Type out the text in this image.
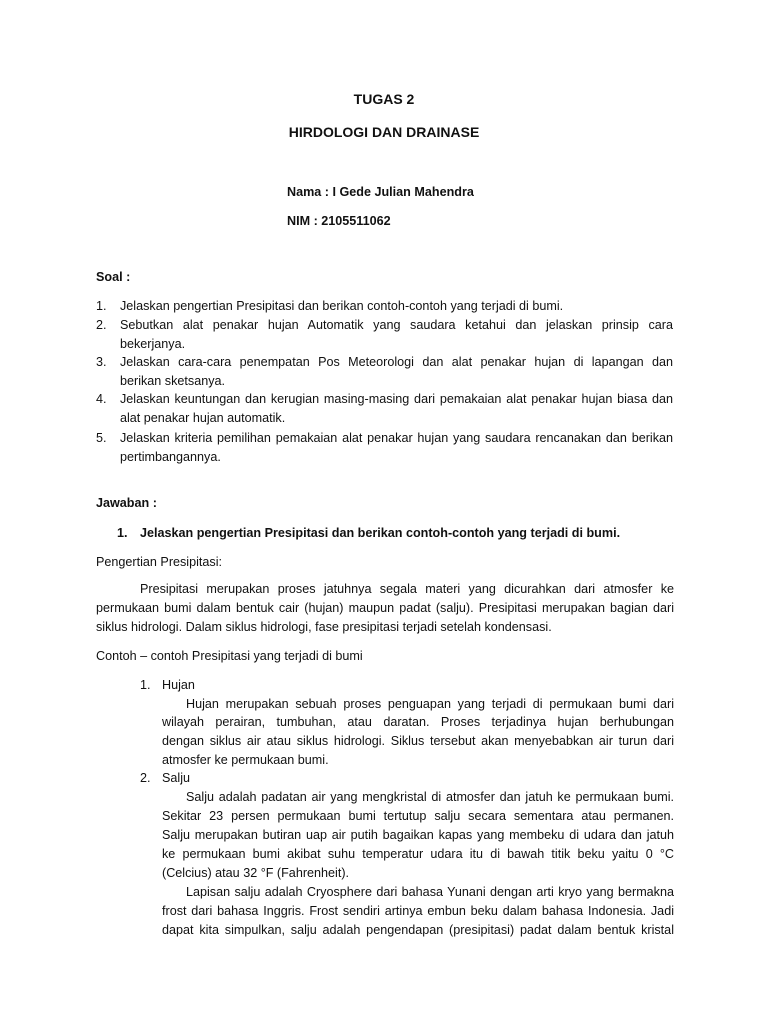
TUGAS 2
HIRDOLOGI DAN DRAINASE
Nama : I Gede Julian Mahendra
NIM : 2105511062
Soal :
1. Jelaskan pengertian Presipitasi dan berikan contoh-contoh yang terjadi di bumi.
2. Sebutkan alat penakar hujan Automatik yang saudara ketahui dan jelaskan prinsip cara
bekerjanya.
3. Jelaskan cara-cara penempatan Pos Meteorologi dan alat penakar hujan di lapangan dan
berikan sketsanya.
4. Jelaskan keuntungan dan kerugian masing-masing dari pemakaian alat penakar hujan biasa dan
alat penakar hujan automatik.
5. Jelaskan kriteria pemilihan pemakaian alat penakar hujan yang saudara rencanakan dan berikan
pertimbangannya.
Jawaban :
1. Jelaskan pengertian Presipitasi dan berikan contoh-contoh yang terjadi di bumi.
Pengertian Presipitasi:
Presipitasi merupakan proses jatuhnya segala materi yang dicurahkan dari atmosfer ke
permukaan bumi dalam bentuk cair (hujan) maupun padat (salju). Presipitasi merupakan bagian dari
siklus hidrologi. Dalam siklus hidrologi, fase presipitasi terjadi setelah kondensasi.
Contoh – contoh Presipitasi yang terjadi di bumi
1. Hujan
Hujan merupakan sebuah proses penguapan yang terjadi di permukaan bumi dari
wilayah perairan, tumbuhan, atau daratan. Proses terjadinya hujan berhubungan
dengan siklus air atau siklus hidrologi. Siklus tersebut akan menyebabkan air turun dari
atmosfer ke permukaan bumi.
2. Salju
Salju adalah padatan air yang mengkristal di atmosfer dan jatuh ke permukaan bumi.
Sekitar 23 persen permukaan bumi tertutup salju secara sementara atau permanen.
Salju merupakan butiran uap air putih bagaikan kapas yang membeku di udara dan jatuh
ke permukaan bumi akibat suhu temperatur udara itu di bawah titik beku yaitu 0 °C
(Celcius) atau 32 °F (Fahrenheit).
Lapisan salju adalah Cryosphere dari bahasa Yunani dengan arti kryo yang bermakna
frost dari bahasa Inggris. Frost sendiri artinya embun beku dalam bahasa Indonesia. Jadi
dapat kita simpulkan, salju adalah pengendapan (presipitasi) padat dalam bentuk kristal
